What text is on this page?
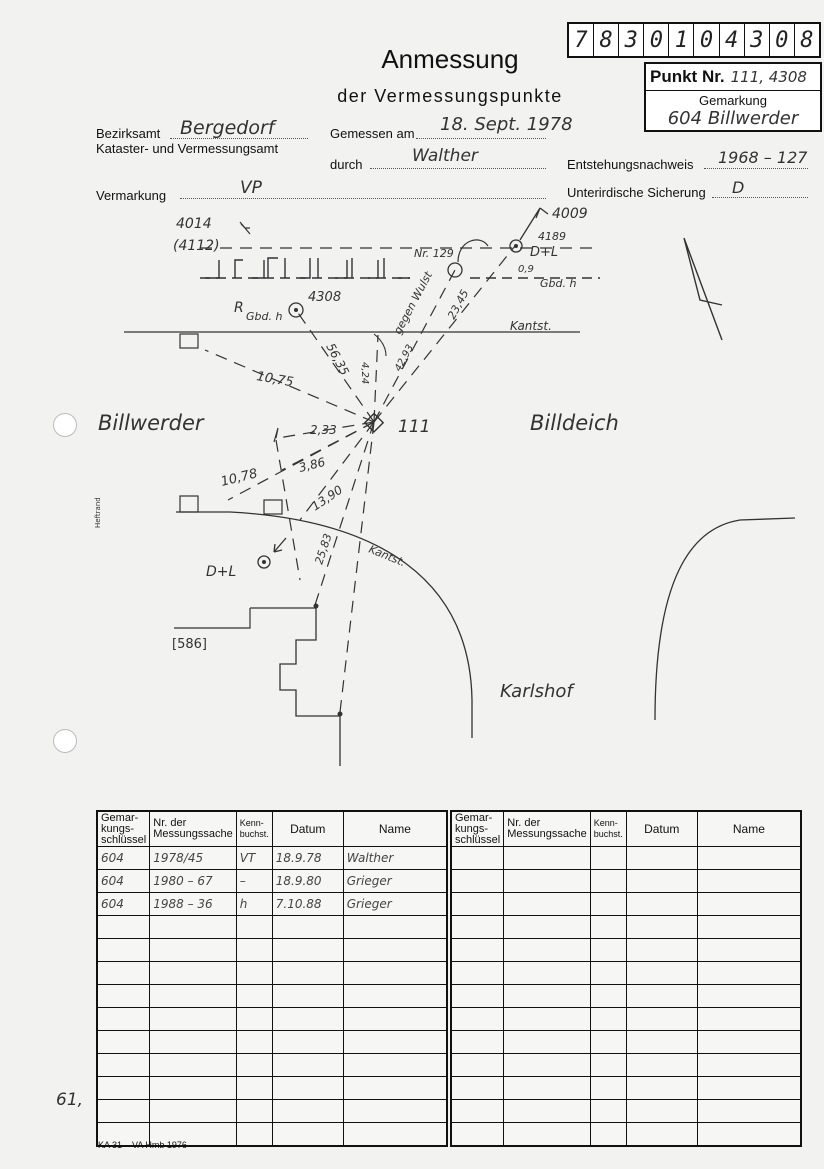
7 8 3 0 1 0 4 3 0 8
Punkt Nr. 111, 4308
Gemarkung
604 Billwerder
Anmessung
der Vermessungspunkte
Bezirksamt Bergedorf
Kataster- und Vermessungsamt
Gemessen am 18. Sept. 1978
durch	Walther	Entstehungsnachweis 1968 – 127
Vermarkung	VP	Unterirdische Sicherung D
4014
(4112)
4009
4189
D+L
0,9
Gbd. h
Nr. 129
4308
R
Gbd. h
Kantst.
gegen Wulst
10,75
56,35 4,24 42,93
23,45
Billwerder	111	Billdeich
2,33
10,78
3,86
13,90
25,83
D+L
Kantst.
[586]
Karlshof
Heftrand
Gemar-kungs-schlüssel	Nr. der Messungssache	Kenn-buchst.	Datum	Name
604	1978/45	VT	18.9.78	Walther
604	1980 – 67	–	18.9.80	Grieger
604	1988 – 36	h	7.10.88	Grieger

Gemar-kungs-schlüssel	Nr. der Messungssache	Kenn-buchst.	Datum	Name

61,
KA 31 – VA Hmb 1976
